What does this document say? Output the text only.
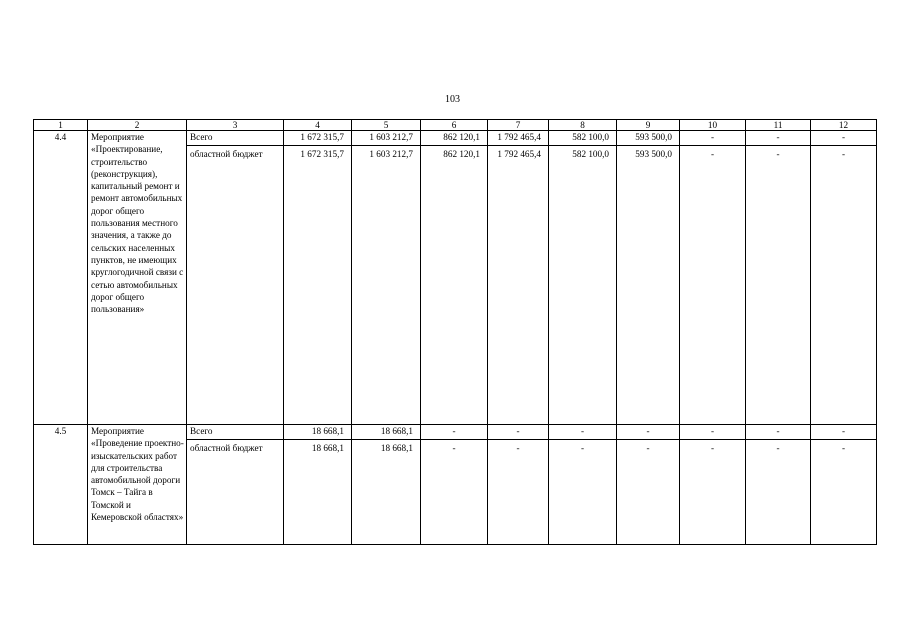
103
1	2	3	4	5	6	7	8	9	10	11	12
4.4	Мероприятие «Проектирование, строительство (реконструкция), капитальный ремонт и ремонт автомобильных дорог общего пользования местного значения, а также до сельских населенных пунктов, не имеющих круглогодичной связи с сетью автомобильных дорог общего пользования»	Всего	1 672 315,7	1 603 212,7	862 120,1	1 792 465,4	582 100,0	593 500,0	-	-	-
		областной бюджет	1 672 315,7	1 603 212,7	862 120,1	1 792 465,4	582 100,0	593 500,0	-	-	-
4.5	Мероприятие «Проведение проектно-изыскательских работ для строительства автомобильной дороги Томск – Тайга в Томской и Кемеровской областях»	Всего	18 668,1	18 668,1	-	-	-	-	-	-	-
		областной бюджет	18 668,1	18 668,1	-	-	-	-	-	-	-
